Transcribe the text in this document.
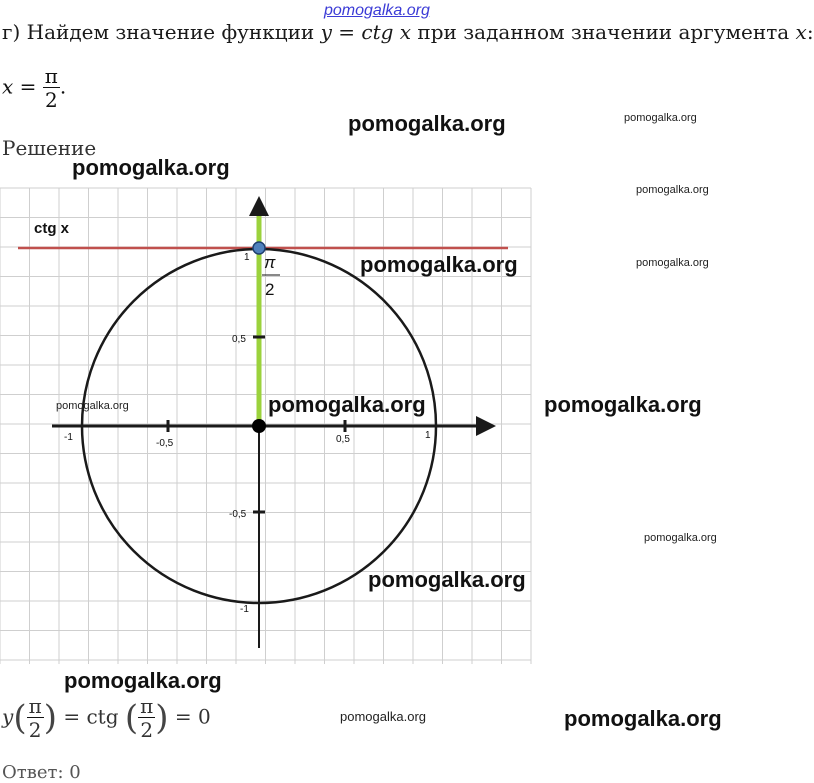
pomogalka.org
г) Найдем значение функции y = ctg x при заданном значении аргумента x:
$x = \frac{\pi}{2}$ .
Решение
ctg x
π
2
-1
-0,5	0,5	1
1
0,5
-0,5
-1
pomogalka.org	pomogalka.org
pomogalka.org
pomogalka.org
pomogalka.org	pomogalka.org
pomogalka.org	pomogalka.org	pomogalka.org
pomogalka.org
pomogalka.org
pomogalka.org
pomogalka.org	pomogalka.org
$y( \frac{\pi}{2}$ ) = ctg ( $\frac{\pi}{2}$ ) = 0
Ответ: 0
